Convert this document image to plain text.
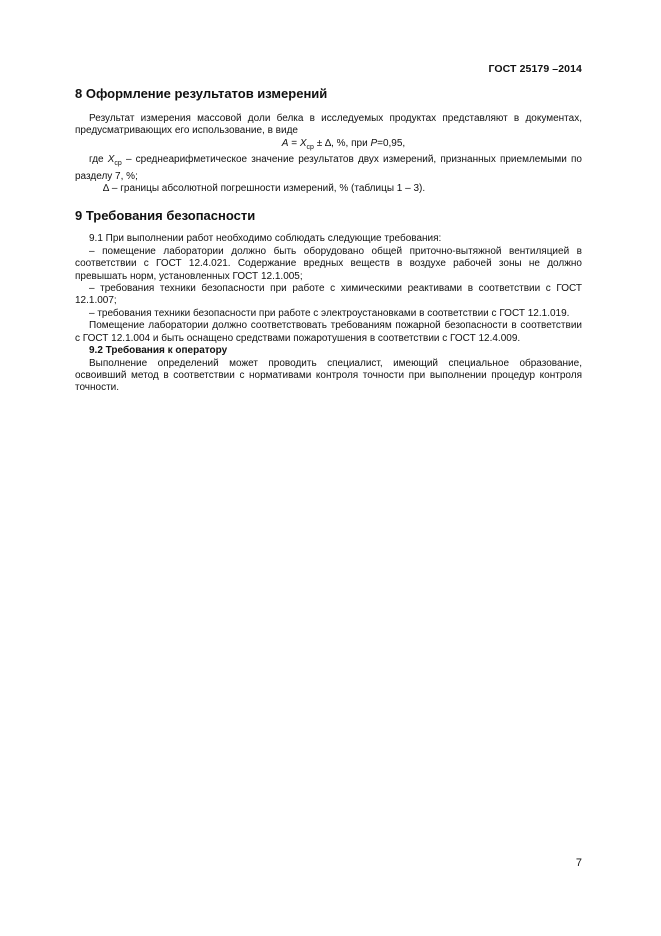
ГОСТ 25179 –2014
8 Оформление результатов измерений

Результат измерения массовой доли белка в исследуемых продуктах представляют в документах, предусматривающих его использование, в виде

$A = X_{ср}$ ± ∆, %, при P=0,95,

где $X_{ср}$ – среднеарифметическое значение результатов двух измерений, признанных приемлемыми по разделу 7, %;

∆ – границы абсолютной погрешности измерений, % (таблицы 1 – 3).

9 Требования безопасности

9.1 При выполнении работ необходимо соблюдать следующие требования:

– помещение лаборатории должно быть оборудовано общей приточно-вытяжной вентиляцией в соответствии с ГОСТ 12.4.021. Содержание вредных веществ в воздухе рабочей зоны не должно превышать норм, установленных ГОСТ 12.1.005;

– требования техники безопасности при работе с химическими реактивами в соответствии с ГОСТ 12.1.007;

– требования техники безопасности при работе с электроустановками в соответствии с ГОСТ 12.1.019.

Помещение лаборатории должно соответствовать требованиям пожарной безопасности в соответствии с ГОСТ 12.1.004 и быть оснащено средствами пожаротушения в соответствии с ГОСТ 12.4.009.

9.2 Требования к оператору

Выполнение определений может проводить специалист, имеющий специальное образование, освоивший метод в соответствии с нормативами контроля точности при выполнении процедур контроля точности.

7
